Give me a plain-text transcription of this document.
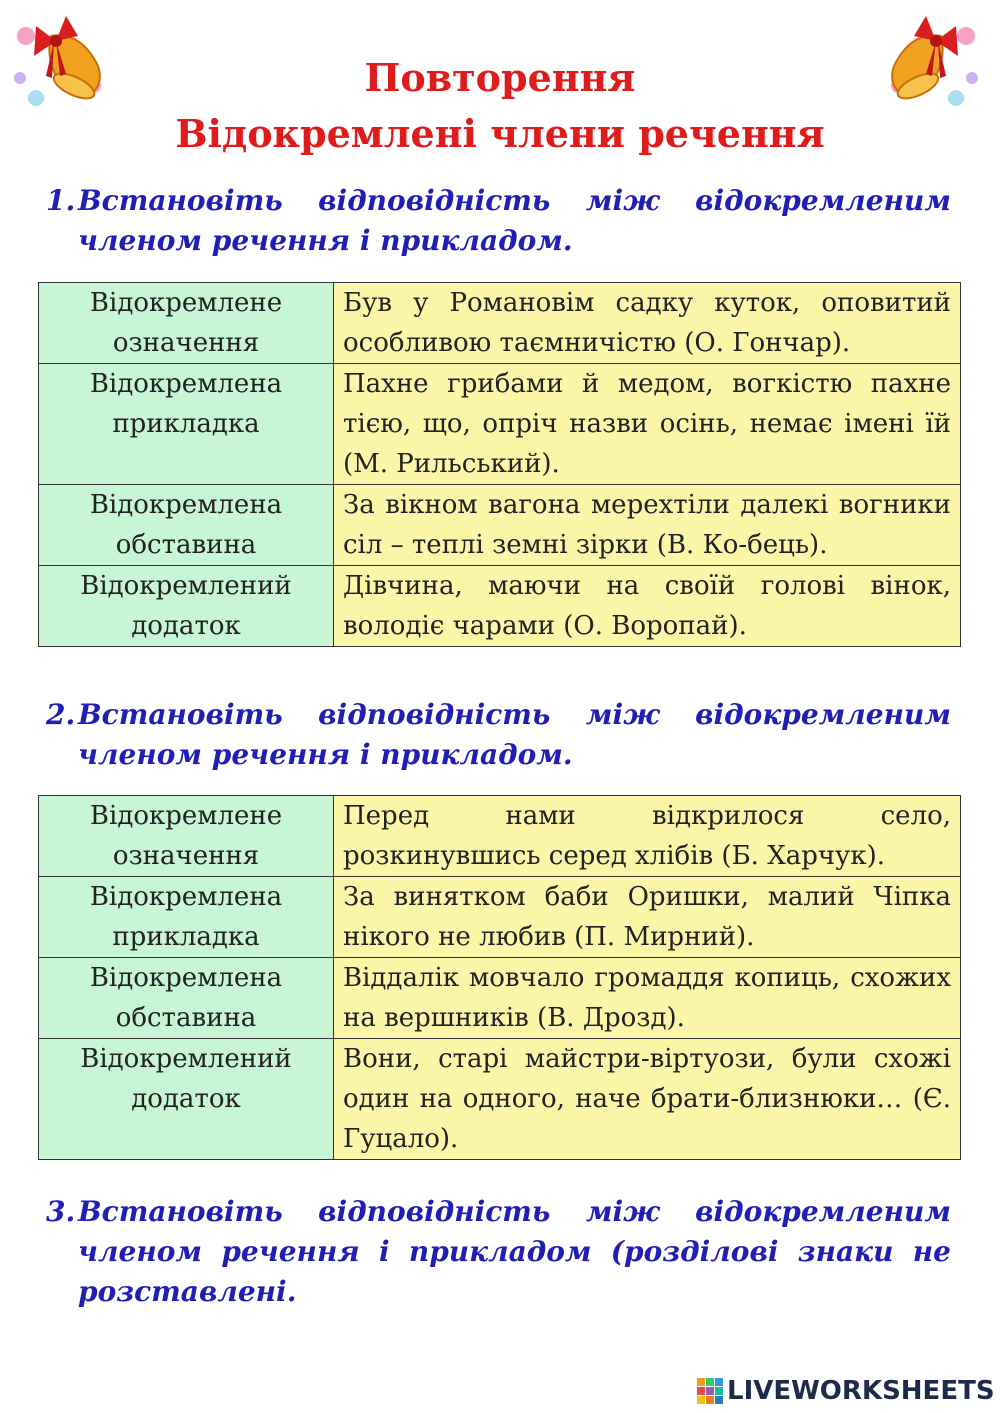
Повторення
Відокремлені члени речення
1. Встановіть відповідність між відокремленим членом речення і прикладом.
Відокремлене означення	Був у Романовім садку куток, оповитий особливою таємничістю (О. Гончар).
Відокремлена прикладка	Пахне грибами й медом, вогкістю пахне тією, що, опріч назви осінь, немає імені їй (М. Рильський).
Відокремлена обставина	За вікном вагона мерехтіли далекі вогники сіл – теплі земні зірки (В. Ко-бець).
Відокремлений додаток	Дівчина, маючи на своїй голові вінок, володіє чарами (О. Воропай).
2. Встановіть відповідність між відокремленим членом речення і прикладом.
Відокремлене означення	Перед нами відкрилося село, розкинувшись серед хлібів (Б. Харчук).
Відокремлена прикладка	За винятком баби Оришки, малий Чіпка нікого не любив (П. Мирний).
Відокремлена обставина	Віддалік мовчало громаддя копиць, схожих на вершників (В. Дрозд).
Відокремлений додаток	Вони, старі майстри-віртуози, були схожі один на одного, наче брати-близнюки… (Є. Гуцало).
3. Встановіть відповідність між відокремленим членом речення і прикладом (розділові знаки не розставлені.
LIVEWORKSHEETS
